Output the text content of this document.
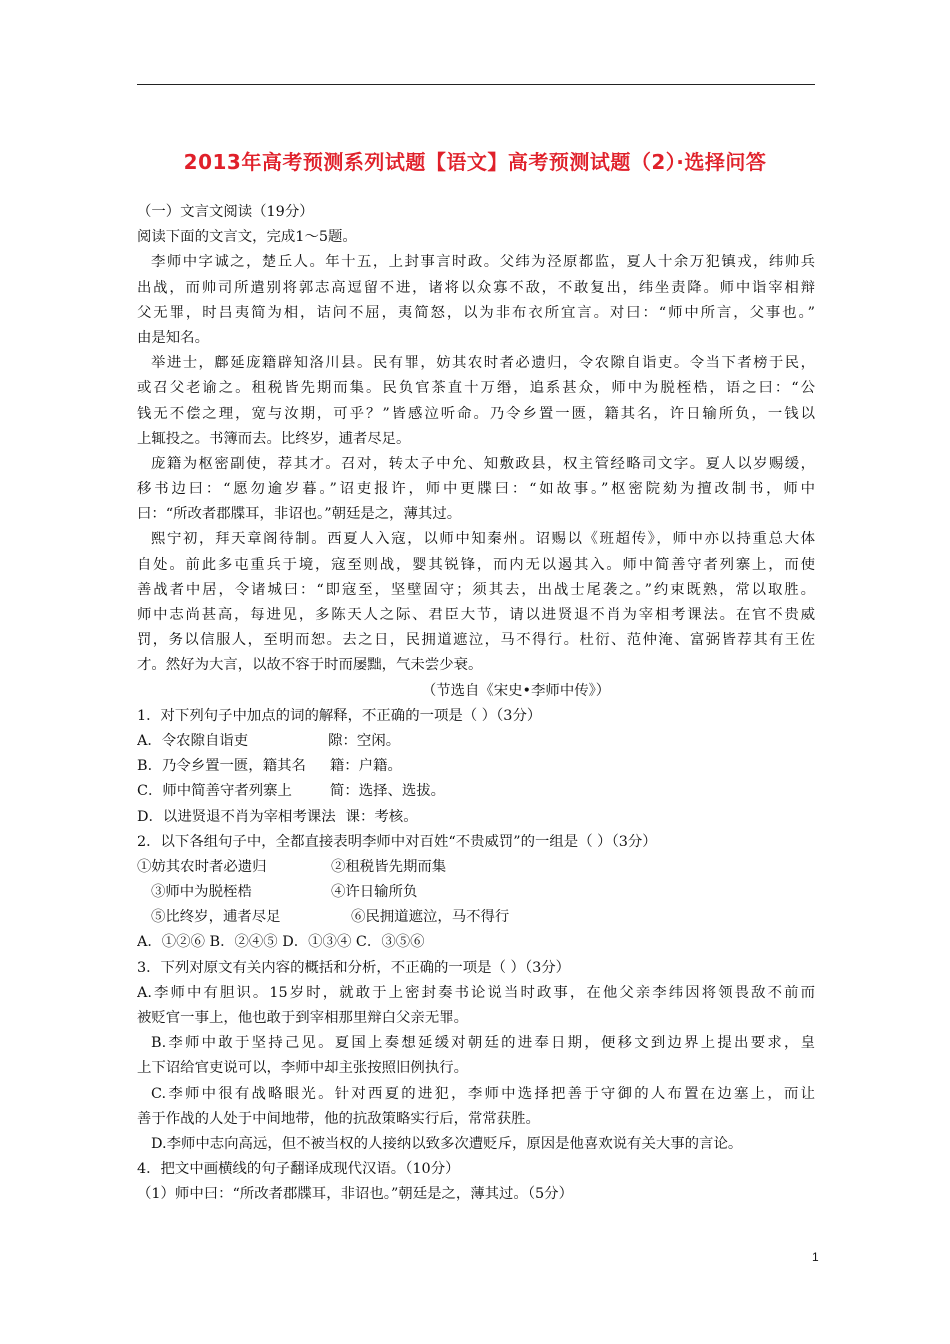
2013年高考预测系列试题【语文】高考预测试题（2）·选择问答
（一）文言文阅读（19分）
阅读下面的文言文，完成1～5题。
李师中字诚之，楚丘人。年十五，上封事言时政。父纬为泾原都监，夏人十余万犯镇戎，纬帅兵
出战，而帅司所遣别将郭志高逗留不进，诸将以众寡不敌，不敢复出，纬坐责降。师中诣宰相辩
父无罪，时吕夷简为相，诘问不屈，夷简怒，以为非布衣所宜言。对曰：“师中所言，父事也。”
由是知名。
举进士，鄜延庞籍辟知洛川县。民有罪，妨其农时者必遗归，令农隙自诣吏。令当下者榜于民，
或召父老谕之。租税皆先期而集。民负官茶直十万缗，追系甚众，师中为脱桎梏，语之曰：“公
钱无不偿之理，宽与汝期，可乎？”皆感泣听命。乃令乡置一匮，籍其名，许日输所负，一钱以
上辄投之。书簿而去。比终岁，逋者尽足。
庞籍为枢密副使，荐其才。召对，转太子中允、知敷政县，权主管经略司文字。夏人以岁赐缓，
移书边曰：“愿勿逾岁暮。”诏吏报许，师中更牒曰：“如故事。”枢密院劾为擅改制书，师中
曰：“所改者郡牒耳，非诏也。”朝廷是之，薄其过。
熙宁初，拜天章阁待制。西夏人入寇，以师中知秦州。诏赐以《班超传》，师中亦以持重总大体
自处。前此多屯重兵于境，寇至则战，婴其锐锋，而内无以遏其入。师中简善守者列寨上，而使
善战者中居，令诸城曰：“即寇至，坚壁固守；须其去，出战士尾袭之。”约束既熟，常以取胜。
师中志尚甚高，每进见，多陈天人之际、君臣大节，请以进贤退不肖为宰相考课法。在官不贵威
罚，务以信服人，至明而恕。去之日，民拥道遮泣，马不得行。杜衍、范仲淹、富弼皆荐其有王佐
才。然好为大言，以故不容于时而屡黜，气未尝少衰。
（节选自《宋史•李师中传》）
1．对下列句子中加点的词的解释，不正确的一项是（ ）（3分）
A．令农隙自诣吏	隙：空闲。
B．乃令乡置一匮，籍其名 籍：户籍。
C．师中简善守者列寨上	简：选择、选拔。
D．以进贤退不肖为宰相考课法 课：考核。
2．以下各组句子中，全都直接表明李师中对百姓“不贵威罚”的一组是（ ）（3分）
①妨其农时者必遗归	②租税皆先期而集
③师中为脱桎梏	④许日输所负
⑤比终岁，逋者尽足	⑥民拥道遮泣，马不得行
A．①②⑥ B．②④⑤ D．①③④ C．③⑤⑥
3．下列对原文有关内容的概括和分析，不正确的一项是（ ）（3分）
A.李师中有胆识。15岁时，就敢于上密封奏书论说当时政事，在他父亲李纬因将领畏敌不前而
被贬官一事上，他也敢于到宰相那里辩白父亲无罪。
B.李师中敢于坚持己见。夏国上奏想延缓对朝廷的进奉日期，便移文到边界上提出要求，皇
上下诏给官吏说可以，李师中却主张按照旧例执行。
C.李师中很有战略眼光。针对西夏的进犯，李师中选择把善于守御的人布置在边塞上，而让
善于作战的人处于中间地带，他的抗敌策略实行后，常常获胜。
D.李师中志向高远，但不被当权的人接纳以致多次遭贬斥，原因是他喜欢说有关大事的言论。
4．把文中画横线的句子翻译成现代汉语。（10分）
（1）师中曰：“所改者郡牒耳，非诏也。”朝廷是之，薄其过。（5分）
1
